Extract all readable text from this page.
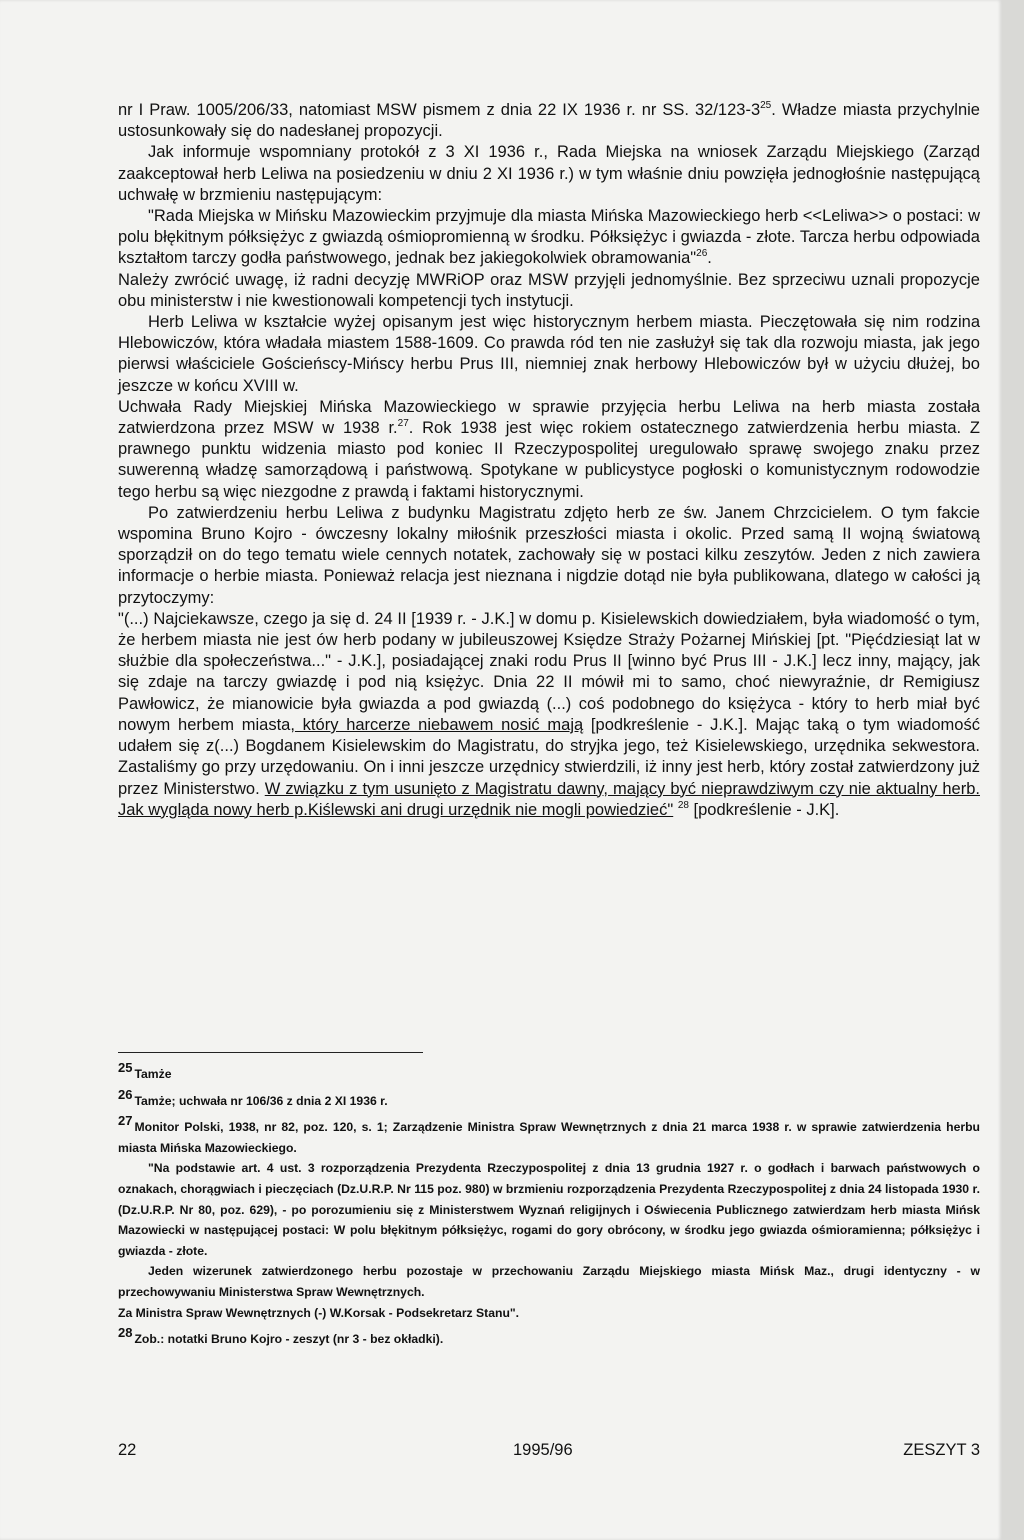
nr I Praw. 1005/206/33, natomiast MSW pismem z dnia 22 IX 1936 r. nr SS. $32/123-3^{25}$. Władze miasta przychylnie ustosunkowały się do nadesłanej propozycji.

Jak informuje wspomniany protokół z 3 XI 1936 r., Rada Miejska na wniosek Zarządu Miejskiego (Zarząd zaakceptował herb Leliwa na posiedzeniu w dniu 2 XI 1936 r.) w tym właśnie dniu powzięła jednogłośnie następującą uchwałę w brzmieniu następującym:

"Rada Miejska w Mińsku Mazowieckim przyjmuje dla miasta Mińska Mazowieckiego herb <<Leliwa>> o postaci: w polu błękitnym półksiężyc z gwiazdą ośmiopromienną w środku. Półksiężyc i gwiazda - złote. Tarcza herbu odpowiada kształtom tarczy godła państwowego, jednak bez jakiegokolwiek obramowania"$^{26}$.

Należy zwrócić uwagę, iż radni decyzję MWRiOP oraz MSW przyjęli jednomyślnie. Bez sprzeciwu uznali propozycje obu ministerstw i nie kwestionowali kompetencji tych instytucji.

Herb Leliwa w kształcie wyżej opisanym jest więc historycznym herbem miasta. Pieczętowała się nim rodzina Hlebowiczów, która władała miastem 1588-1609. Co prawda ród ten nie zasłużył się tak dla rozwoju miasta, jak jego pierwsi właściciele Gościeńscy-Mińscy herbu Prus III, niemniej znak herbowy Hlebowiczów był w użyciu dłużej, bo jeszcze w końcu XVIII w.

Uchwała Rady Miejskiej Mińska Mazowieckiego w sprawie przyjęcia herbu Leliwa na herb miasta została zatwierdzona przez MSW w 1938 r.$^{27}$. Rok 1938 jest więc rokiem ostatecznego zatwierdzenia herbu miasta. Z prawnego punktu widzenia miasto pod koniec II Rzeczypospolitej uregulowało sprawę swojego znaku przez suwerenną władzę samorządową i państwową. Spotykane w publicystyce pogłoski o komunistycznym rodowodzie tego herbu są więc niezgodne z prawdą i faktami historycznymi.

Po zatwierdzeniu herbu Leliwa z budynku Magistratu zdjęto herb ze św. Janem Chrzcicielem. O tym fakcie wspomina Bruno Kojro - ówczesny lokalny miłośnik przeszłości miasta i okolic. Przed samą II wojną światową sporządził on do tego tematu wiele cennych notatek, zachowały się w postaci kilku zeszytów. Jeden z nich zawiera informacje o herbie miasta. Ponieważ relacja jest nieznana i nigdzie dotąd nie była publikowana, dlatego w całości ją przytoczymy:

"(...) Najciekawsze, czego ja się d. 24 II [1939 r. - J.K.] w domu p. Kisielewskich dowiedziałem, była wiadomość o tym, że herbem miasta nie jest ów herb podany w jubileuszowej Księdze Straży Pożarnej Mińskiej [pt. "Pięćdziesiąt lat w służbie dla społeczeństwa..." - J.K.], posiadającej znaki rodu Prus II [winno być Prus III - J.K.] lecz inny, mający, jak się zdaje na tarczy gwiazdę i pod nią księżyc. Dnia 22 II mówił mi to samo, choć niewyraźnie, dr Remigiusz Pawłowicz, że mianowicie była gwiazda a pod gwiazdą (...) coś podobnego do księżyca - który to herb miał być nowym herbem miasta, który harcerze niebawem nosić mają [podkreślenie - J.K.]. Mając taką o tym wiadomość udałem się z(...) Bogdanem Kisielewskim do Magistratu, do stryjka jego, też Kisielewskiego, urzędnika sekwestora. Zastaliśmy go przy urzędowaniu. On i inni jeszcze urzędnicy stwierdzili, iż inny jest herb, który został zatwierdzony już przez Ministerstwo. W związku z tym usunięto z Magistratu dawny, mający być nieprawdziwym czy nie aktualny herb. Jak wygląda nowy herb p.Kiślewski ani drugi urzędnik nie mogli powiedzieć" $^{28}$ [podkreślenie - J.K].

25 Tamże

26 Tamże; uchwała nr 106/36 z dnia 2 XI 1936 r.

27 Monitor Polski, 1938, nr 82, poz. 120, s. 1; Zarządzenie Ministra Spraw Wewnętrznych z dnia 21 marca 1938 r. w sprawie zatwierdzenia herbu miasta Mińska Mazowieckiego.

"Na podstawie art. 4 ust. 3 rozporządzenia Prezydenta Rzeczypospolitej z dnia 13 grudnia 1927 r. o godłach i barwach państwowych o oznakach, chorągwiach i pieczęciach (Dz.U.R.P. Nr 115 poz. 980) w brzmieniu rozporządzenia Prezydenta Rzeczypospolitej z dnia 24 listopada 1930 r. (Dz.U.R.P. Nr 80, poz. 629), - po porozumieniu się z Ministerstwem Wyznań religijnych i Oświecenia Publicznego zatwierdzam herb miasta Mińsk Mazowiecki w następującej postaci: W polu błękitnym półksiężyc, rogami do gory obrócony, w środku jego gwiazda ośmioramienna; półksiężyc i gwiazda - złote.

Jeden wizerunek zatwierdzonego herbu pozostaje w przechowaniu Zarządu Miejskiego miasta Mińsk Maz., drugi identyczny - w przechowywaniu Ministerstwa Spraw Wewnętrznych.

Za Ministra Spraw Wewnętrznych (-) W.Korsak - Podsekretarz Stanu".

28 Zob.: notatki Bruno Kojro - zeszyt (nr 3 - bez okładki).

22	1995/96	ZESZYT 3
